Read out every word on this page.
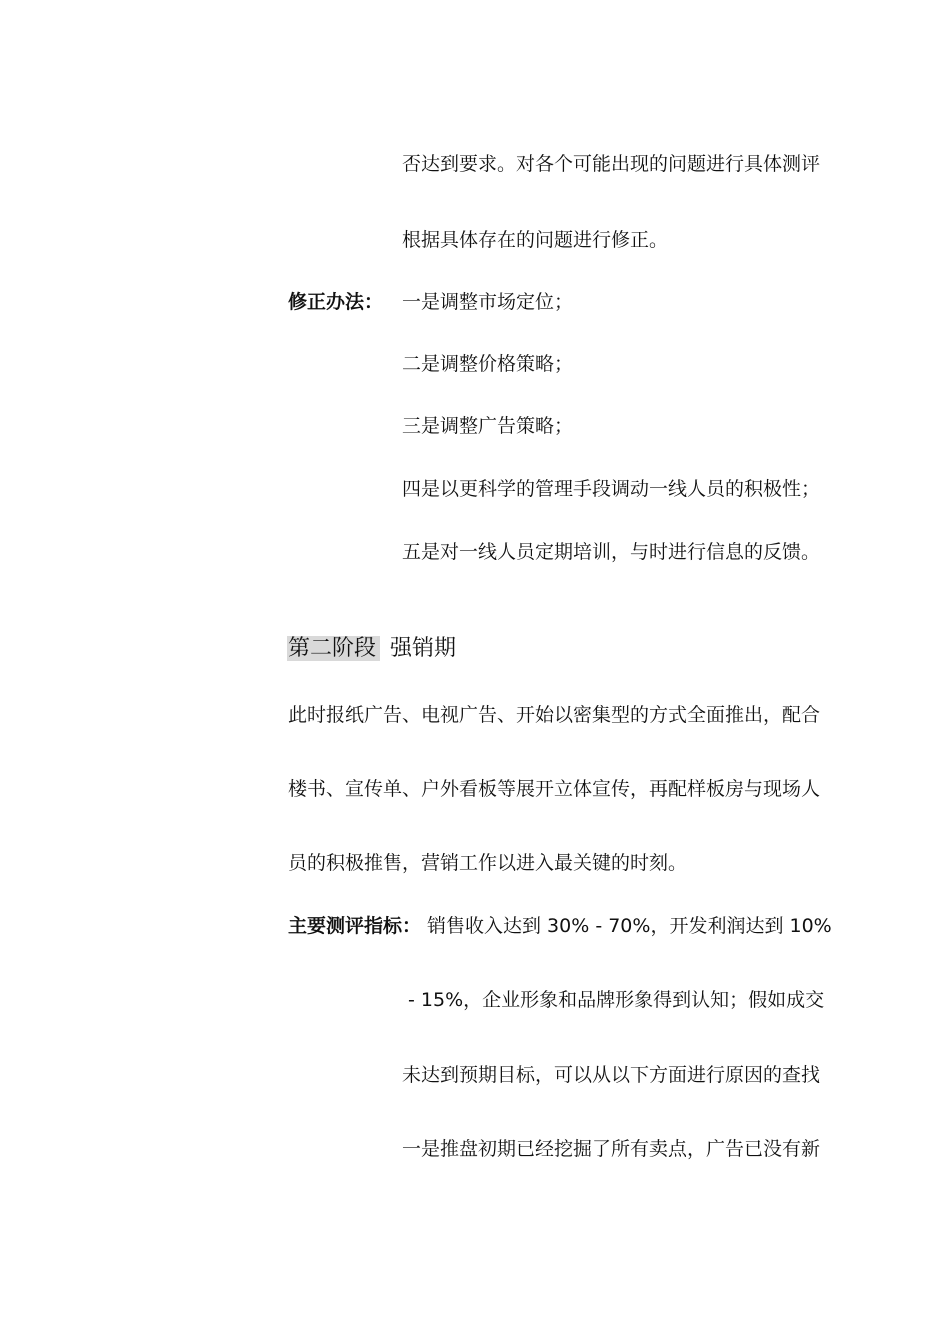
否达到要求。对各个可能出现的问题进行具体测评
根据具体存在的问题进行修正。
修正办法： 一是调整市场定位；
二是调整价格策略；
三是调整广告策略；
四是以更科学的管理手段调动一线人员的积极性；
五是对一线人员定期培训，与时进行信息的反馈。
第二阶段 强销期
此时报纸广告、电视广告、开始以密集型的方式全面推出，配合
楼书、宣传单、户外看板等展开立体宣传，再配样板房与现场人
员的积极推售，营销工作以进入最关键的时刻。
主要测评指标： 销售收入达到 30% - 70%，开发利润达到 10%
- 15%，企业形象和品牌形象得到认知；假如成交
未达到预期目标，可以从以下方面进行原因的查找
一是推盘初期已经挖掘了所有卖点，广告已没有新
